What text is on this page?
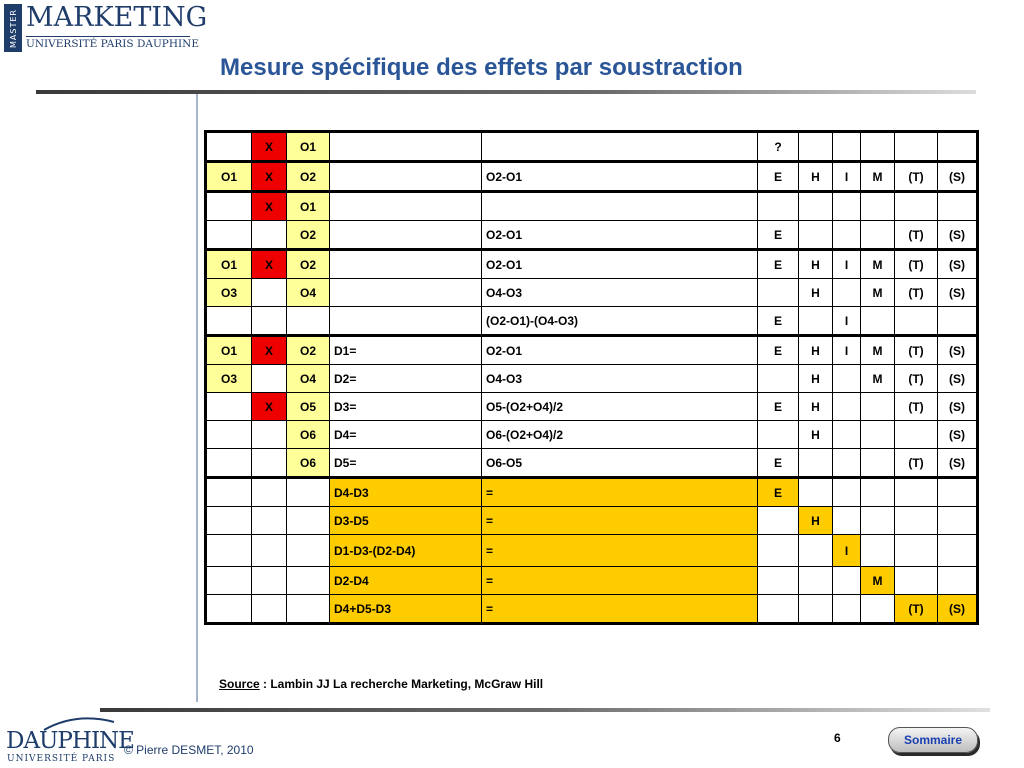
MASTER MARKETING
UNIVERSITÉ PARIS DAUPHINE
Mesure spécifique des effets par soustraction
	X	O1			?					
O1	X	O2		O2-O1	E	H	I	M	(T)	(S)
	X	O1								
		O2		O2-O1	E				(T)	(S)
O1	X	O2		O2-O1	E	H	I	M	(T)	(S)
O3		O4		O4-O3		H		M	(T)	(S)
				(O2-O1)-(O4-O3)	E		I			
O1	X	O2	D1=	O2-O1	E	H	I	M	(T)	(S)
O3		O4	D2=	O4-O3		H		M	(T)	(S)
	X	O5	D3=	O5-(O2+O4)/2	E	H			(T)	(S)
		O6	D4=	O6-(O2+O4)/2		H				(S)
		O6	D5=	O6-O5	E				(T)	(S)
			D4-D3	=	E					
			D3-D5	=		H				
			D1-D3-(D2-D4)	=			I			
			D2-D4	=				M		
			D4+D5-D3	=					(T)	(S)
Source : Lambin JJ La recherche Marketing, McGraw Hill
DAUPHINE
UNIVERSITÉ PARIS
© Pierre DESMET, 2010
6	Sommaire
